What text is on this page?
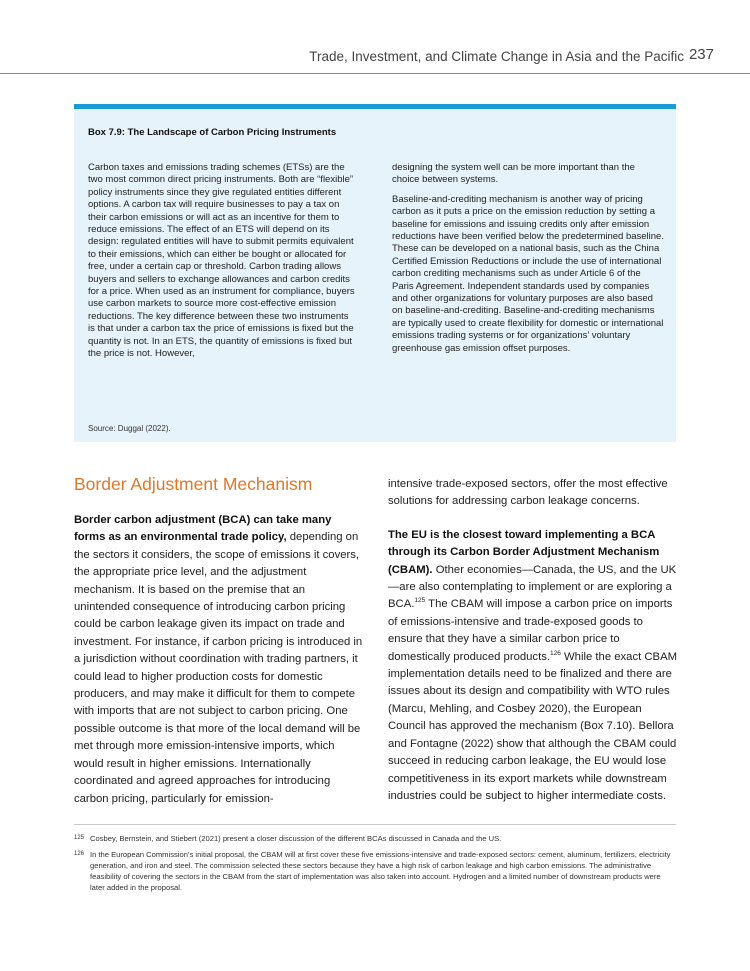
Trade, Investment, and Climate Change in Asia and the Pacific 237
Box 7.9: The Landscape of Carbon Pricing Instruments

Carbon taxes and emissions trading schemes (ETSs) are the two most common direct pricing instruments. Both are “flexible” policy instruments since they give regulated entities different options. A carbon tax will require businesses to pay a tax on their carbon emissions or will act as an incentive for them to reduce emissions. The effect of an ETS will depend on its design: regulated entities will have to submit permits equivalent to their emissions, which can either be bought or allocated for free, under a certain cap or threshold. Carbon trading allows buyers and sellers to exchange allowances and carbon credits for a price. When used as an instrument for compliance, buyers use carbon markets to source more cost-effective emission reductions. The key difference between these two instruments is that under a carbon tax the price of emissions is fixed but the quantity is not. In an ETS, the quantity of emissions is fixed but the price is not. However,

designing the system well can be more important than the choice between systems.

Baseline-and-crediting mechanism is another way of pricing carbon as it puts a price on the emission reduction by setting a baseline for emissions and issuing credits only after emission reductions have been verified below the predetermined baseline. These can be developed on a national basis, such as the China Certified Emission Reductions or include the use of international carbon crediting mechanisms such as under Article 6 of the Paris Agreement. Independent standards used by companies and other organizations for voluntary purposes are also based on baseline-and-crediting. Baseline-and-crediting mechanisms are typically used to create flexibility for domestic or international emissions trading systems or for organizations’ voluntary greenhouse gas emission offset purposes.

Source: Duggal (2022).
Border Adjustment Mechanism

Border carbon adjustment (BCA) can take many forms as an environmental trade policy, depending on the sectors it considers, the scope of emissions it covers, the appropriate price level, and the adjustment mechanism. It is based on the premise that an unintended consequence of introducing carbon pricing could be carbon leakage given its impact on trade and investment. For instance, if carbon pricing is introduced in a jurisdiction without coordination with trading partners, it could lead to higher production costs for domestic producers, and may make it difficult for them to compete with imports that are not subject to carbon pricing. One possible outcome is that more of the local demand will be met through more emission-intensive imports, which would result in higher emissions. Internationally coordinated and agreed approaches for introducing carbon pricing, particularly for emission-

intensive trade-exposed sectors, offer the most effective solutions for addressing carbon leakage concerns.

The EU is the closest toward implementing a BCA through its Carbon Border Adjustment Mechanism (CBAM). Other economies—Canada, the US, and the UK—are also contemplating to implement or are exploring a BCA.$^{125}$ The CBAM will impose a carbon price on imports of emissions-intensive and trade-exposed goods to ensure that they have a similar carbon price to domestically produced products.$^{126}$ While the exact CBAM implementation details need to be finalized and there are issues about its design and compatibility with WTO rules (Marcu, Mehling, and Cosbey 2020), the European Council has approved the mechanism (Box 7.10). Bellora and Fontagne (2022) show that although the CBAM could succeed in reducing carbon leakage, the EU would lose competitiveness in its export markets while downstream industries could be subject to higher intermediate costs.

125 Cosbey, Bernstein, and Stiebert (2021) present a closer discussion of the different BCAs discussed in Canada and the US.
126 In the European Commission’s initial proposal, the CBAM will at first cover these five emissions-intensive and trade-exposed sectors: cement, aluminum, fertilizers, electricity generation, and iron and steel. The commission selected these sectors because they have a high risk of carbon leakage and high carbon emissions. The administrative feasibility of covering the sectors in the CBAM from the start of implementation was also taken into account. Hydrogen and a limited number of downstream products were later added in the proposal.
